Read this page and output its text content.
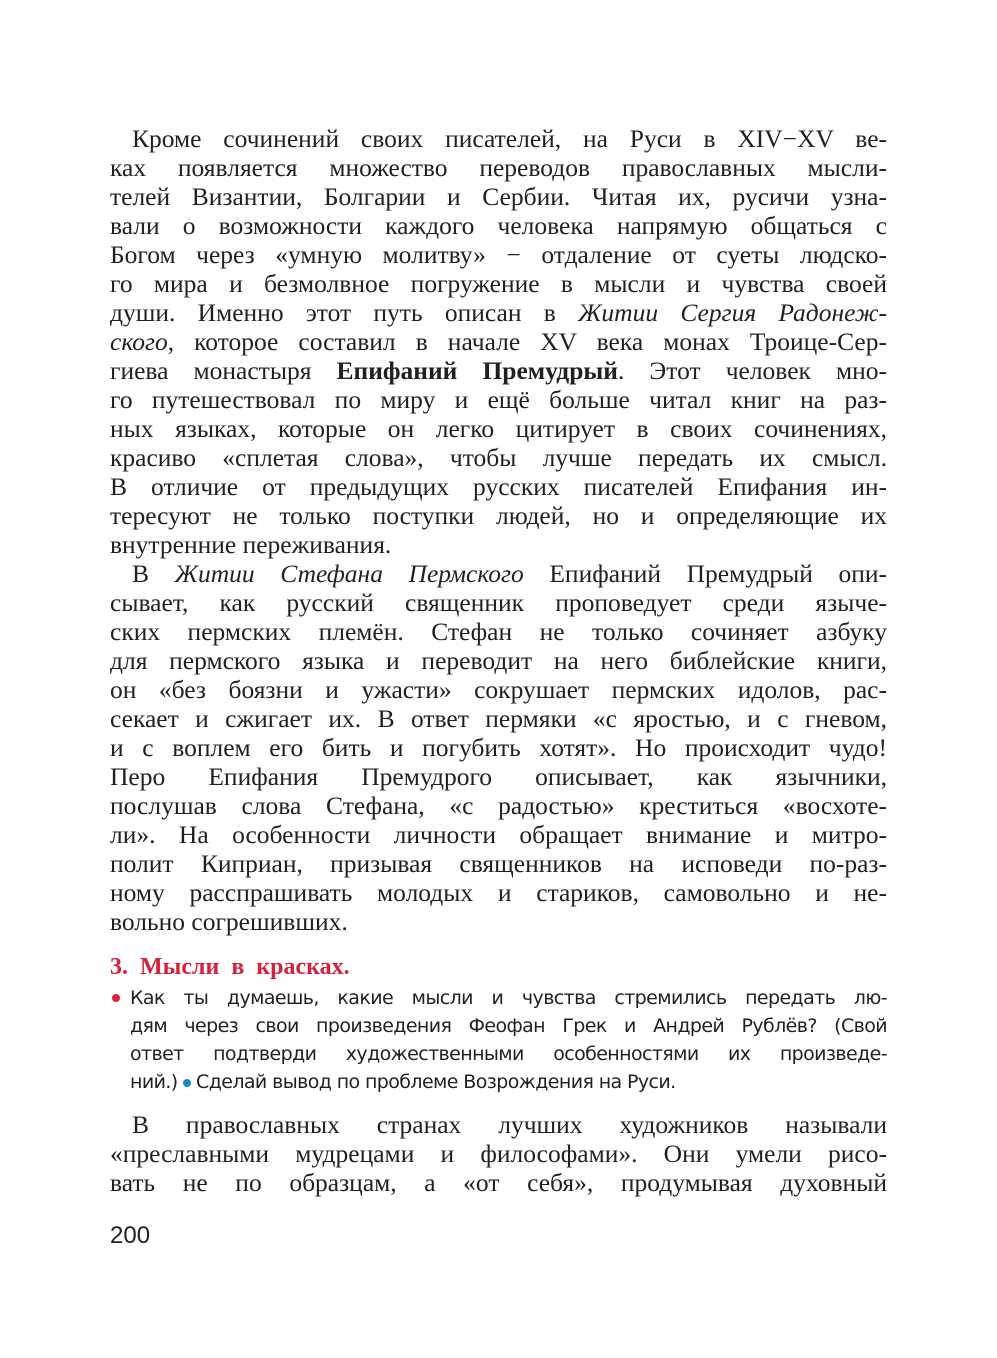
Кроме сочинений своих писателей, на Руси в XIV−XV ве-
ках появляется множество переводов православных мысли-
телей Византии, Болгарии и Сербии. Читая их, русичи узна-
вали о возможности каждого человека напрямую общаться с
Богом через «умную молитву» − отдаление от суеты людско-
го мира и безмолвное погружение в мысли и чувства своей
души. Именно этот путь описан в Житии Сергия Радонеж-
ского, которое составил в начале XV века монах Троице-Сер-
гиева монастыря Епифаний Премудрый. Этот человек мно-
го путешествовал по миру и ещё больше читал книг на раз-
ных языках, которые он легко цитирует в своих сочинениях,
красиво «сплетая слова», чтобы лучше передать их смысл.
В отличие от предыдущих русских писателей Епифания ин-
тересуют не только поступки людей, но и определяющие их
внутренние переживания.
В Житии Стефана Пермского Епифаний Премудрый опи-
сывает, как русский священник проповедует среди языче-
ских пермских племён. Стефан не только сочиняет азбуку
для пермского языка и переводит на него библейские книги,
он «без боязни и ужасти» сокрушает пермских идолов, рас-
секает и сжигает их. В ответ пермяки «с яростью, и с гневом,
и с воплем его бить и погубить хотят». Но происходит чудо!
Перо Епифания Премудрого описывает, как язычники,
послушав слова Стефана, «с радостью» креститься «восхоте-
ли». На особенности личности обращает внимание и митро-
полит Киприан, призывая священников на исповеди по-раз-
ному расспрашивать молодых и стариков, самовольно и не-
вольно согрешивших.
3. Мысли в красках.
Как ты думаешь, какие мысли и чувства стремились передать лю-
дям через свои произведения Феофан Грек и Андрей Рублёв? (Свой
ответ подтверди художественными особенностями их произведе-
ний.) Сделай вывод по проблеме Возрождения на Руси.
В православных странах лучших художников называли
«преславными мудрецами и философами». Они умели рисо-
вать не по образцам, а «от себя», продумывая духовный
200
